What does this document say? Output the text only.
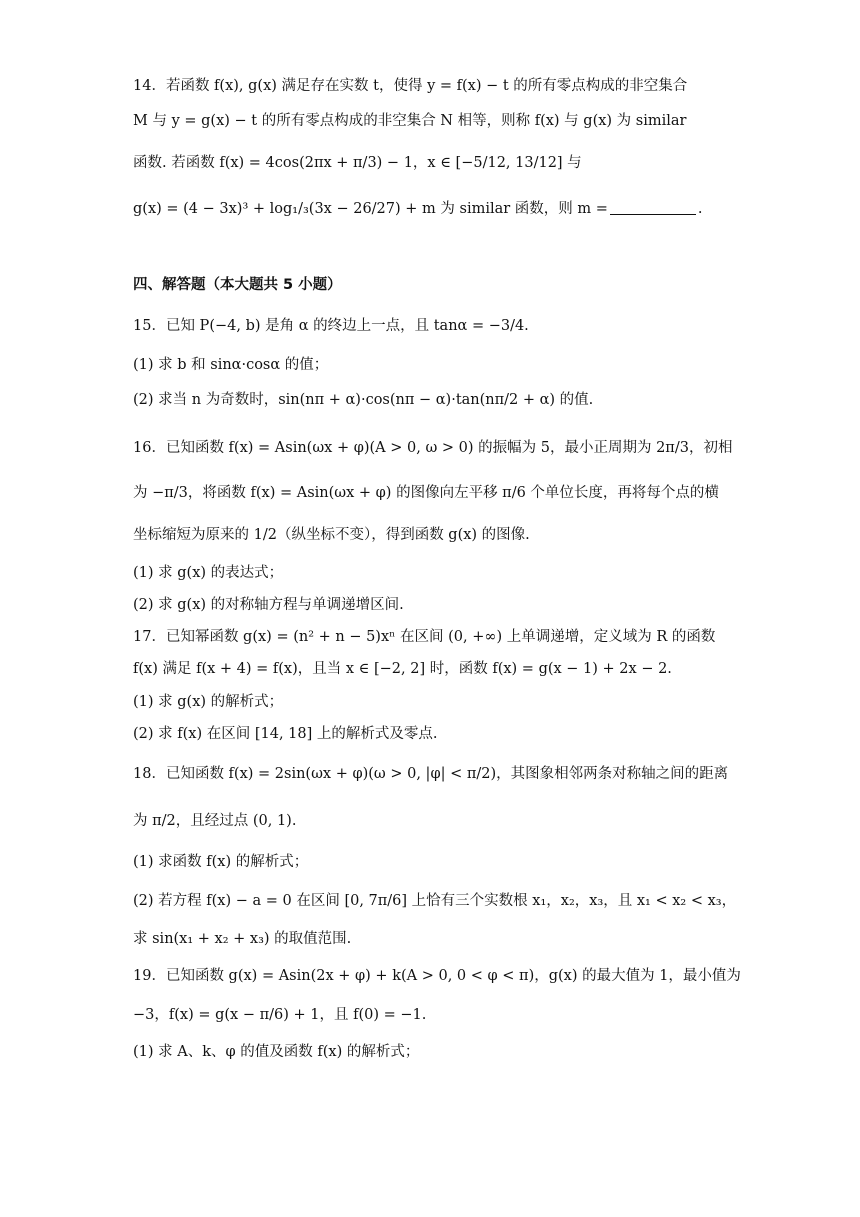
14．若函数 f(x), g(x) 满足存在实数 t，使得 y = f(x) − t 的所有零点构成的非空集合
M 与 y = g(x) − t 的所有零点构成的非空集合 N 相等，则称 f(x) 与 g(x) 为 similar
函数. 若函数 f(x) = 4cos(2πx + π/3) − 1，x ∈ [−5/12, 13/12] 与
g(x) = (4 − 3x)³ + log₁/₃(3x − 26/27) + m 为 similar 函数，则 m =	.
四、解答题（本大题共 5 小题）
15．已知 P(−4, b) 是角 α 的终边上一点，且 tanα = −3/4.
(1) 求 b 和 sinα·cosα 的值；
(2) 求当 n 为奇数时，sin(nπ + α)·cos(nπ − α)·tan(nπ/2 + α) 的值.
16．已知函数 f(x) = Asin(ωx + φ)(A > 0, ω > 0) 的振幅为 5，最小正周期为 2π/3，初相
为 −π/3，将函数 f(x) = Asin(ωx + φ) 的图像向左平移 π/6 个单位长度，再将每个点的横
坐标缩短为原来的 1/2（纵坐标不变），得到函数 g(x) 的图像.
(1) 求 g(x) 的表达式；
(2) 求 g(x) 的对称轴方程与单调递增区间.
17．已知幂函数 g(x) = (n² + n − 5)xⁿ 在区间 (0, +∞) 上单调递增，定义域为 R 的函数
f(x) 满足 f(x + 4) = f(x)，且当 x ∈ [−2, 2] 时，函数 f(x) = g(x − 1) + 2x − 2.
(1) 求 g(x) 的解析式；
(2) 求 f(x) 在区间 [14, 18] 上的解析式及零点.
18．已知函数 f(x) = 2sin(ωx + φ)(ω > 0, |φ| < π/2)，其图象相邻两条对称轴之间的距离
为 π/2，且经过点 (0, 1).
(1) 求函数 f(x) 的解析式；
(2) 若方程 f(x) − a = 0 在区间 [0, 7π/6] 上恰有三个实数根 x₁，x₂，x₃，且 x₁ < x₂ < x₃，
求 sin(x₁ + x₂ + x₃) 的取值范围.
19．已知函数 g(x) = Asin(2x + φ) + k(A > 0, 0 < φ < π)，g(x) 的最大值为 1，最小值为
−3，f(x) = g(x − π/6) + 1，且 f(0) = −1.
(1) 求 A、k、φ 的值及函数 f(x) 的解析式；
